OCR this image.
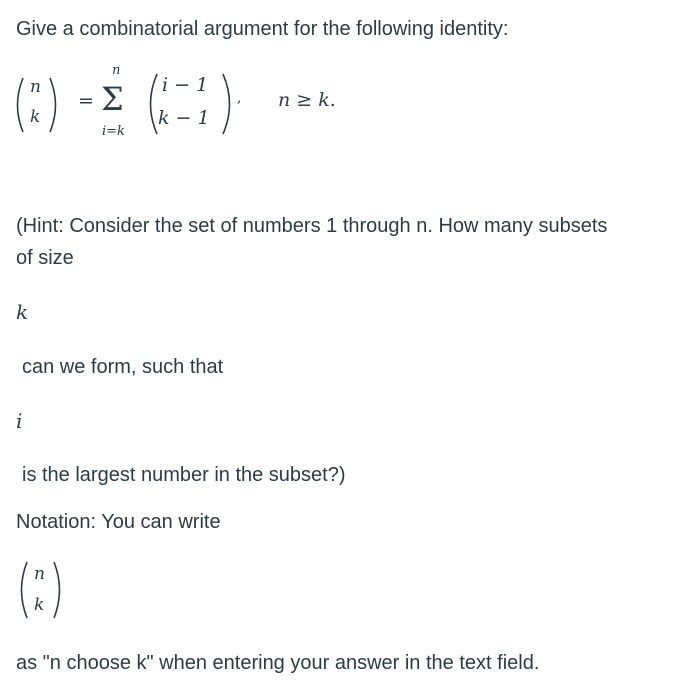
Give a combinatorial argument for the following identity:

n
k
=
n
Σ
i=k
i − 1
k − 1
, n ≥ k.

(Hint: Consider the set of numbers 1 through n. How many subsets

of size

k

can we form, such that

i

is the largest number in the subset?)

Notation: You can write

n
k

as "n choose k" when entering your answer in the text field.
